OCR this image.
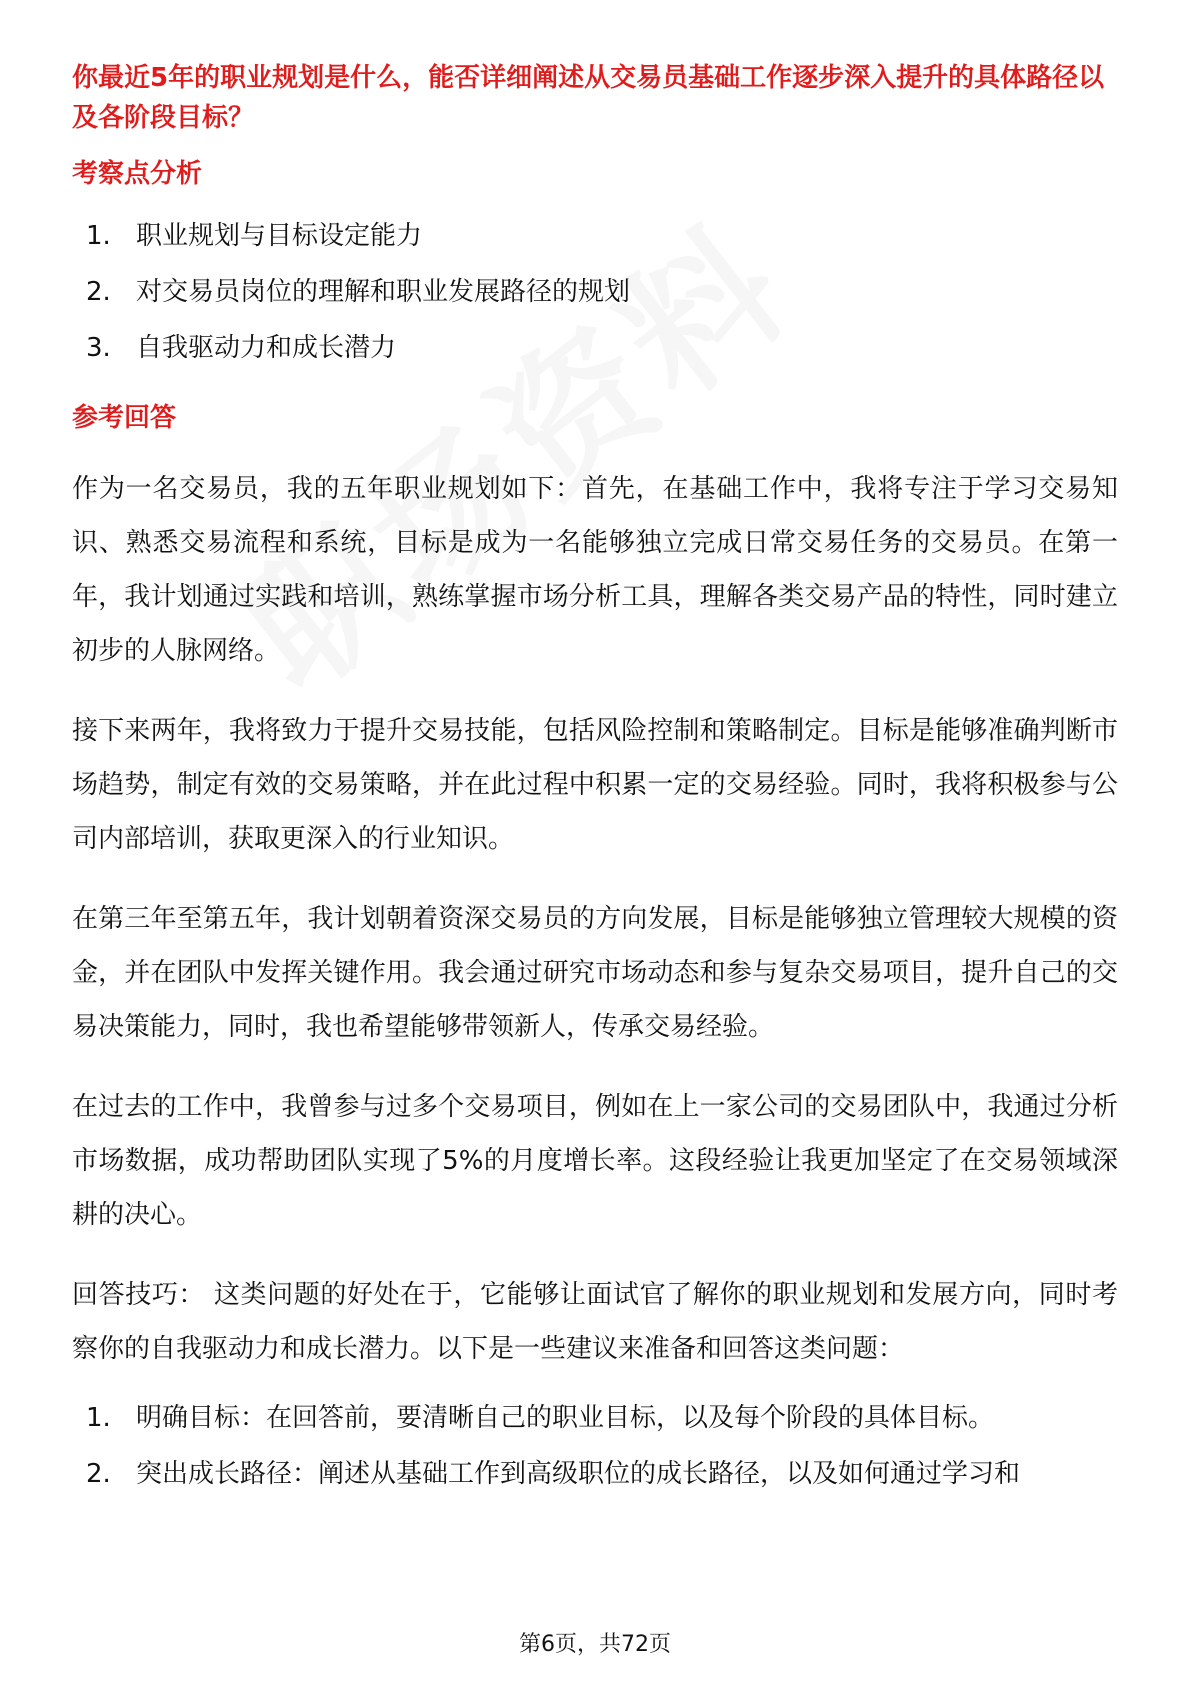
你最近5年的职业规划是什么，能否详细阐述从交易员基础工作逐步深入提升的具体路径以及各阶段目标？

考察点分析
1. 职业规划与目标设定能力
2. 对交易员岗位的理解和职业发展路径的规划
3. 自我驱动力和成长潜力
参考回答

作为一名交易员，我的五年职业规划如下：首先，在基础工作中，我将专注于学习交易知识、熟悉交易流程和系统，目标是成为一名能够独立完成日常交易任务的交易员。在第一年，我计划通过实践和培训，熟练掌握市场分析工具，理解各类交易产品的特性，同时建立初步的人脉网络。

接下来两年，我将致力于提升交易技能，包括风险控制和策略制定。目标是能够准确判断市场趋势，制定有效的交易策略，并在此过程中积累一定的交易经验。同时，我将积极参与公司内部培训，获取更深入的行业知识。

在第三年至第五年，我计划朝着资深交易员的方向发展，目标是能够独立管理较大规模的资金，并在团队中发挥关键作用。我会通过研究市场动态和参与复杂交易项目，提升自己的交易决策能力，同时，我也希望能够带领新人，传承交易经验。

在过去的工作中，我曾参与过多个交易项目，例如在上一家公司的交易团队中，我通过分析市场数据，成功帮助团队实现了5%的月度增长率。这段经验让我更加坚定了在交易领域深耕的决心。

回答技巧： 这类问题的好处在于，它能够让面试官了解你的职业规划和发展方向，同时考察你的自我驱动力和成长潜力。以下是一些建议来准备和回答这类问题：

1. 明确目标：在回答前，要清晰自己的职业目标，以及每个阶段的具体目标。
2. 突出成长路径：阐述从基础工作到高级职位的成长路径，以及如何通过学习和
第6页，共72页
